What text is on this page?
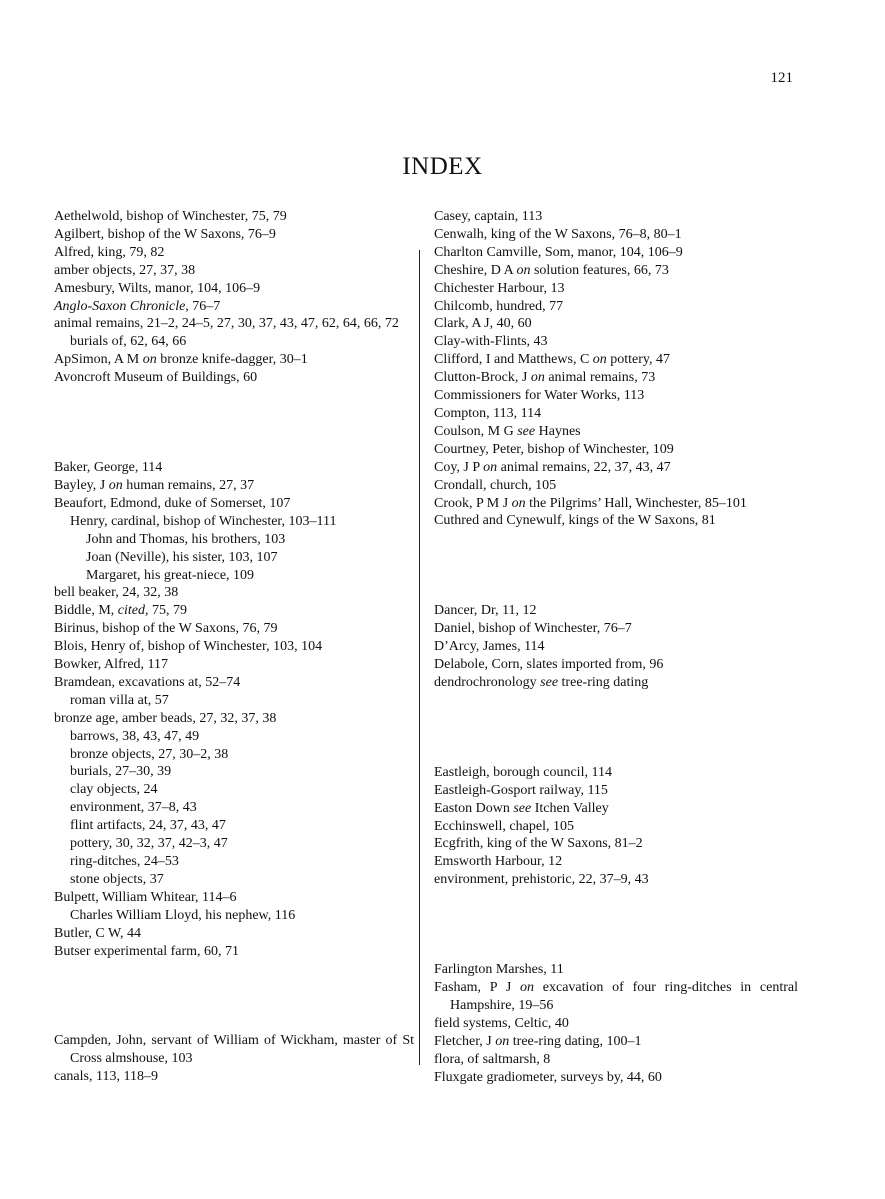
121
INDEX
Aethelwold, bishop of Winchester, 75, 79
Agilbert, bishop of the W Saxons, 76–9
Alfred, king, 79, 82
amber objects, 27, 37, 38
Amesbury, Wilts, manor, 104, 106–9
Anglo-Saxon Chronicle, 76–7
animal remains, 21–2, 24–5, 27, 30, 37, 43, 47, 62, 64, 66, 72
burials of, 62, 64, 66
ApSimon, A M on bronze knife-dagger, 30–1
Avoncroft Museum of Buildings, 60
Baker, George, 114
Bayley, J on human remains, 27, 37
Beaufort, Edmond, duke of Somerset, 107
Henry, cardinal, bishop of Winchester, 103–111
John and Thomas, his brothers, 103
Joan (Neville), his sister, 103, 107
Margaret, his great-niece, 109
bell beaker, 24, 32, 38
Biddle, M, cited, 75, 79
Birinus, bishop of the W Saxons, 76, 79
Blois, Henry of, bishop of Winchester, 103, 104
Bowker, Alfred, 117
Bramdean, excavations at, 52–74
roman villa at, 57
bronze age, amber beads, 27, 32, 37, 38
barrows, 38, 43, 47, 49
bronze objects, 27, 30–2, 38
burials, 27–30, 39
clay objects, 24
environment, 37–8, 43
flint artifacts, 24, 37, 43, 47
pottery, 30, 32, 37, 42–3, 47
ring-ditches, 24–53
stone objects, 37
Bulpett, William Whitear, 114–6
Charles William Lloyd, his nephew, 116
Butler, C W, 44
Butser experimental farm, 60, 71
Campden, John, servant of William of Wickham, master of St Cross almshouse, 103
canals, 113, 118–9
Casey, captain, 113
Cenwalh, king of the W Saxons, 76–8, 80–1
Charlton Camville, Som, manor, 104, 106–9
Cheshire, D A on solution features, 66, 73
Chichester Harbour, 13
Chilcomb, hundred, 77
Clark, A J, 40, 60
Clay-with-Flints, 43
Clifford, I and Matthews, C on pottery, 47
Clutton-Brock, J on animal remains, 73
Commissioners for Water Works, 113
Compton, 113, 114
Coulson, M G see Haynes
Courtney, Peter, bishop of Winchester, 109
Coy, J P on animal remains, 22, 37, 43, 47
Crondall, church, 105
Crook, P M J on the Pilgrims’ Hall, Winchester, 85–101
Cuthred and Cynewulf, kings of the W Saxons, 81
Dancer, Dr, 11, 12
Daniel, bishop of Winchester, 76–7
D’Arcy, James, 114
Delabole, Corn, slates imported from, 96
dendrochronology see tree-ring dating
Eastleigh, borough council, 114
Eastleigh-Gosport railway, 115
Easton Down see Itchen Valley
Ecchinswell, chapel, 105
Ecgfrith, king of the W Saxons, 81–2
Emsworth Harbour, 12
environment, prehistoric, 22, 37–9, 43
Farlington Marshes, 11
Fasham, P J on excavation of four ring-ditches in central Hampshire, 19–56
field systems, Celtic, 40
Fletcher, J on tree-ring dating, 100–1
flora, of saltmarsh, 8
Fluxgate gradiometer, surveys by, 44, 60
